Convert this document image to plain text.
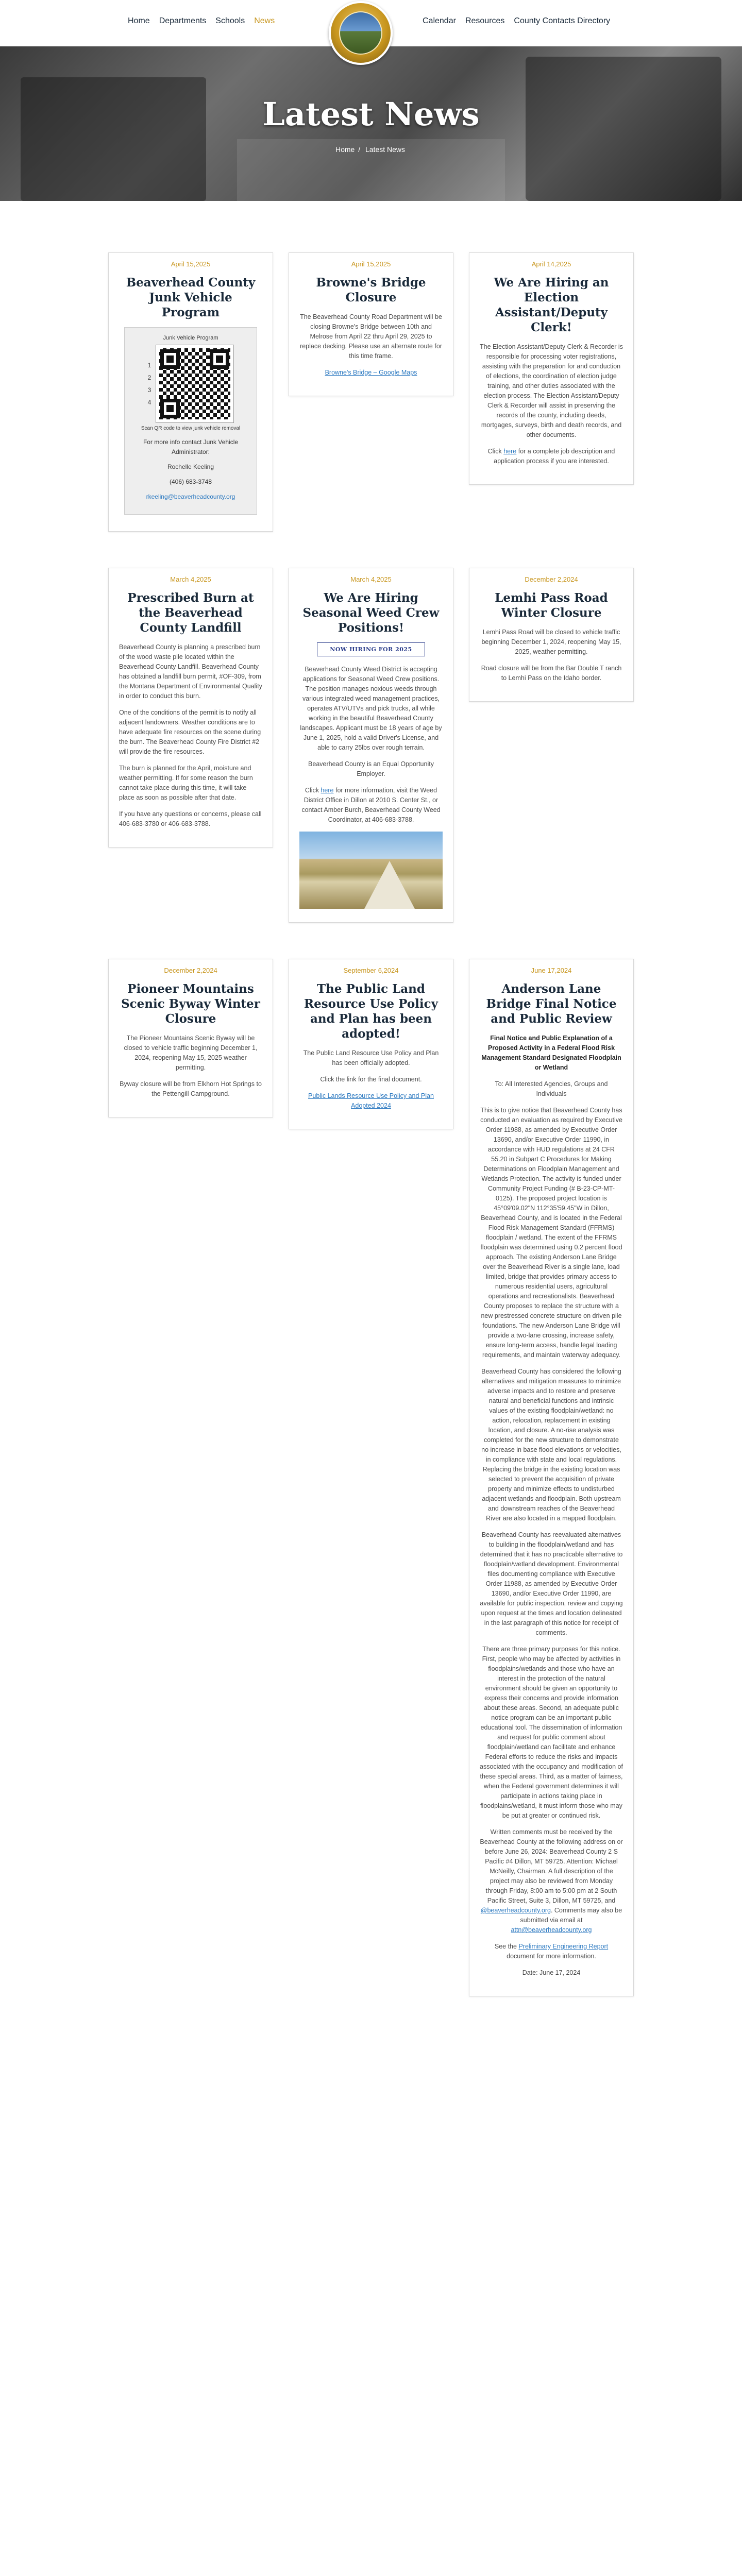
Home Departments Schools News	Calendar Resources County Contacts Directory
Latest News
Home / Latest News
April 15,2025
Beaverhead County Junk Vehicle Program
Junk Vehicle Program
1
2
3
4
Scan QR code to view junk vehicle removal

For more info contact Junk Vehicle Administrator:

Rochelle Keeling

(406) 683-3748

rkeeling@beaverheadcounty.org

April 15,2025
Browne's Bridge Closure

The Beaverhead County Road Department will be closing Browne's Bridge between 10th and Melrose from April 22 thru April 29, 2025 to replace decking. Please use an alternate route for this time frame.

Browne's Bridge – Google Maps

April 14,2025
We Are Hiring an Election Assistant/Deputy Clerk!

The Election Assistant/Deputy Clerk & Recorder is responsible for processing voter registrations, assisting with the preparation for and conduction of elections, the coordination of election judge training, and other duties associated with the election process. The Election Assistant/Deputy Clerk & Recorder will assist in preserving the records of the county, including deeds, mortgages, surveys, birth and death records, and other documents.

Click here for a complete job description and application process if you are interested.

March 4,2025
Prescribed Burn at the Beaverhead County Landfill

Beaverhead County is planning a prescribed burn of the wood waste pile located within the Beaverhead County Landfill. Beaverhead County has obtained a landfill burn permit, #OF-309, from the Montana Department of Environmental Quality in order to conduct this burn.

One of the conditions of the permit is to notify all adjacent landowners. Weather conditions are to have adequate fire resources on the scene during the burn. The Beaverhead County Fire District #2 will provide the fire resources.

The burn is planned for the April, moisture and weather permitting. If for some reason the burn cannot take place during this time, it will take place as soon as possible after that date.

If you have any questions or concerns, please call 406-683-3780 or 406-683-3788.

March 4,2025
We Are Hiring Seasonal Weed Crew Positions!
NOW HIRING FOR 2025

Beaverhead County Weed District is accepting applications for Seasonal Weed Crew positions. The position manages noxious weeds through various integrated weed management practices, operates ATV/UTVs and pick trucks, all while working in the beautiful Beaverhead County landscapes. Applicant must be 18 years of age by June 1, 2025, hold a valid Driver's License, and able to carry 25lbs over rough terrain.

Beaverhead County is an Equal Opportunity Employer.

Click here for more information, visit the Weed District Office in Dillon at 2010 S. Center St., or contact Amber Burch, Beaverhead County Weed Coordinator, at 406-683-3788.

December 2,2024
Lemhi Pass Road Winter Closure

Lemhi Pass Road will be closed to vehicle traffic beginning December 1, 2024, reopening May 15, 2025, weather permitting.

Road closure will be from the Bar Double T ranch to Lemhi Pass on the Idaho border.

December 2,2024
Pioneer Mountains Scenic Byway Winter Closure

The Pioneer Mountains Scenic Byway will be closed to vehicle traffic beginning December 1, 2024, reopening May 15, 2025 weather permitting.

Byway closure will be from Elkhorn Hot Springs to the Pettengill Campground.

September 6,2024
The Public Land Resource Use Policy and Plan has been adopted!

The Public Land Resource Use Policy and Plan has been officially adopted.

Click the link for the final document.

Public Lands Resource Use Policy and Plan Adopted 2024

June 17,2024
Anderson Lane Bridge Final Notice and Public Review

Final Notice and Public Explanation of a Proposed Activity in a Federal Flood Risk Management Standard Designated Floodplain or Wetland

To: All Interested Agencies, Groups and Individuals

This is to give notice that Beaverhead County has conducted an evaluation as required by Executive Order 11988, as amended by Executive Order 13690, and/or Executive Order 11990, in accordance with HUD regulations at 24 CFR 55.20 in Subpart C Procedures for Making Determinations on Floodplain Management and Wetlands Protection. The activity is funded under Community Project Funding (# B-23-CP-MT-0125). The proposed project location is 45°09'09.02"N 112°35'59.45"W in Dillon, Beaverhead County, and is located in the Federal Flood Risk Management Standard (FFRMS) floodplain / wetland. The extent of the FFRMS floodplain was determined using 0.2 percent flood approach. The existing Anderson Lane Bridge over the Beaverhead River is a single lane, load limited, bridge that provides primary access to numerous residential users, agricultural operations and recreationalists. Beaverhead County proposes to replace the structure with a new prestressed concrete structure on driven pile foundations. The new Anderson Lane Bridge will provide a two-lane crossing, increase safety, ensure long-term access, handle legal loading requirements, and maintain waterway adequacy.

Beaverhead County has considered the following alternatives and mitigation measures to minimize adverse impacts and to restore and preserve natural and beneficial functions and intrinsic values of the existing floodplain/wetland: no action, relocation, replacement in existing location, and closure. A no-rise analysis was completed for the new structure to demonstrate no increase in base flood elevations or velocities, in compliance with state and local regulations. Replacing the bridge in the existing location was selected to prevent the acquisition of private property and minimize effects to undisturbed adjacent wetlands and floodplain. Both upstream and downstream reaches of the Beaverhead River are also located in a mapped floodplain.

Beaverhead County has reevaluated alternatives to building in the floodplain/wetland and has determined that it has no practicable alternative to floodplain/wetland development. Environmental files documenting compliance with Executive Order 11988, as amended by Executive Order 13690, and/or Executive Order 11990, are available for public inspection, review and copying upon request at the times and location delineated in the last paragraph of this notice for receipt of comments.

There are three primary purposes for this notice. First, people who may be affected by activities in floodplains/wetlands and those who have an interest in the protection of the natural environment should be given an opportunity to express their concerns and provide information about these areas. Second, an adequate public notice program can be an important public educational tool. The dissemination of information and request for public comment about floodplain/wetland can facilitate and enhance Federal efforts to reduce the risks and impacts associated with the occupancy and modification of these special areas. Third, as a matter of fairness, when the Federal government determines it will participate in actions taking place in floodplains/wetland, it must inform those who may be put at greater or continued risk.

Written comments must be received by the Beaverhead County at the following address on or before June 26, 2024: Beaverhead County 2 S Pacific #4 Dillon, MT 59725. Attention: Michael McNeilly, Chairman. A full description of the project may also be reviewed from Monday through Friday, 8:00 am to 5:00 pm at 2 South Pacific Street, Suite 3, Dillon, MT 59725, and @beaverheadcounty.org. Comments may also be submitted via email at attn@beaverheadcounty.org

See the Preliminary Engineering Report document for more information.

Date: June 17, 2024
